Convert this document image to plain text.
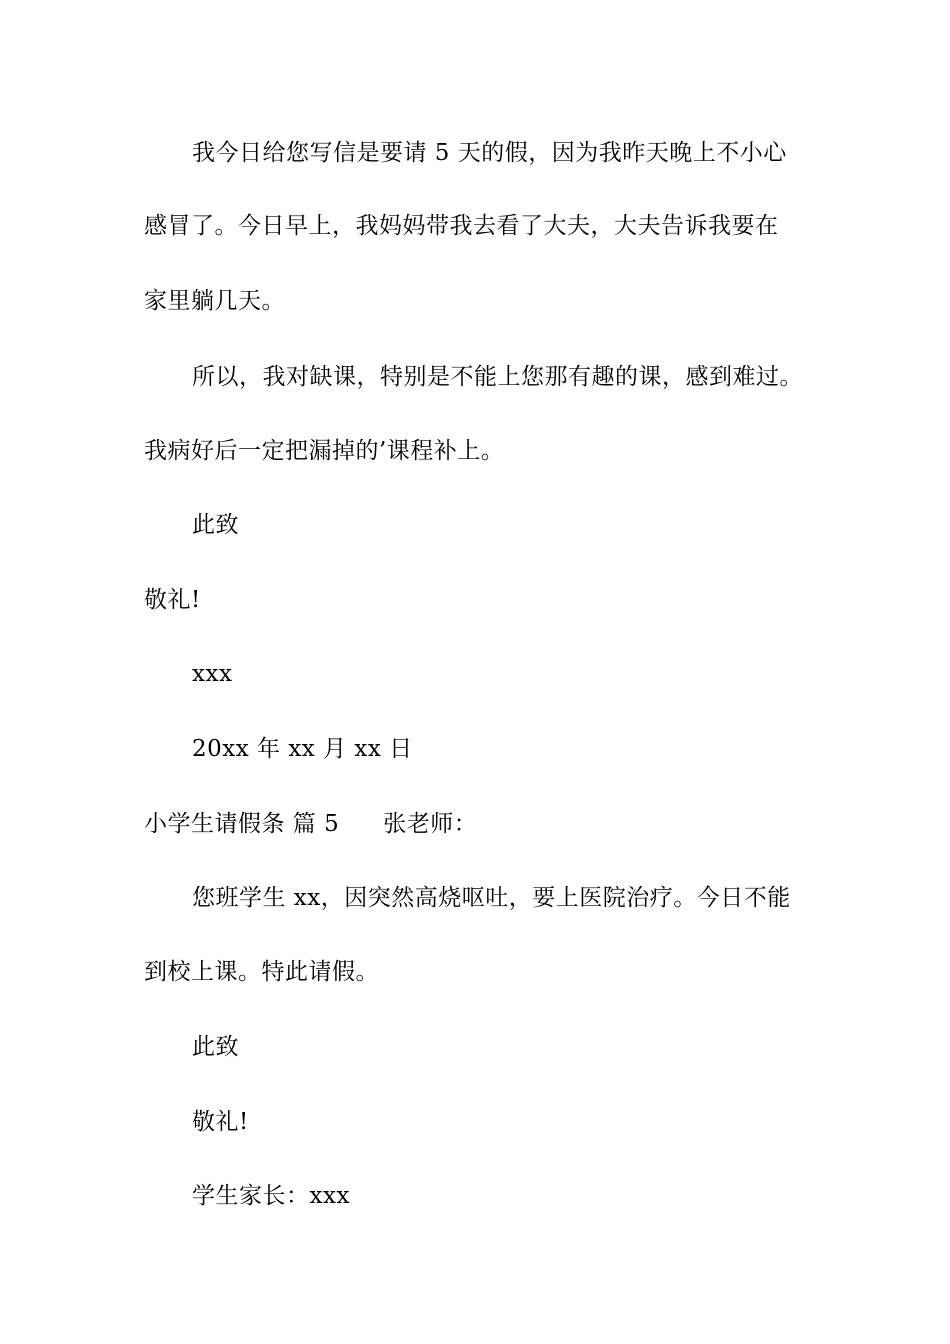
我今日给您写信是要请 5 天的假，因为我昨天晚上不小心
感冒了。今日早上，我妈妈带我去看了大夫，大夫告诉我要在
家里躺几天。
所以，我对缺课，特别是不能上您那有趣的课，感到难过。
我病好后一定把漏掉的’课程补上。
此致
敬礼!
xxx
20xx 年 xx 月 xx 日
小学生请假条 篇 5 张老师：
您班学生 xx，因突然高烧呕吐，要上医院治疗。今日不能
到校上课。特此请假。
此致
敬礼!
学生家长：xxx
